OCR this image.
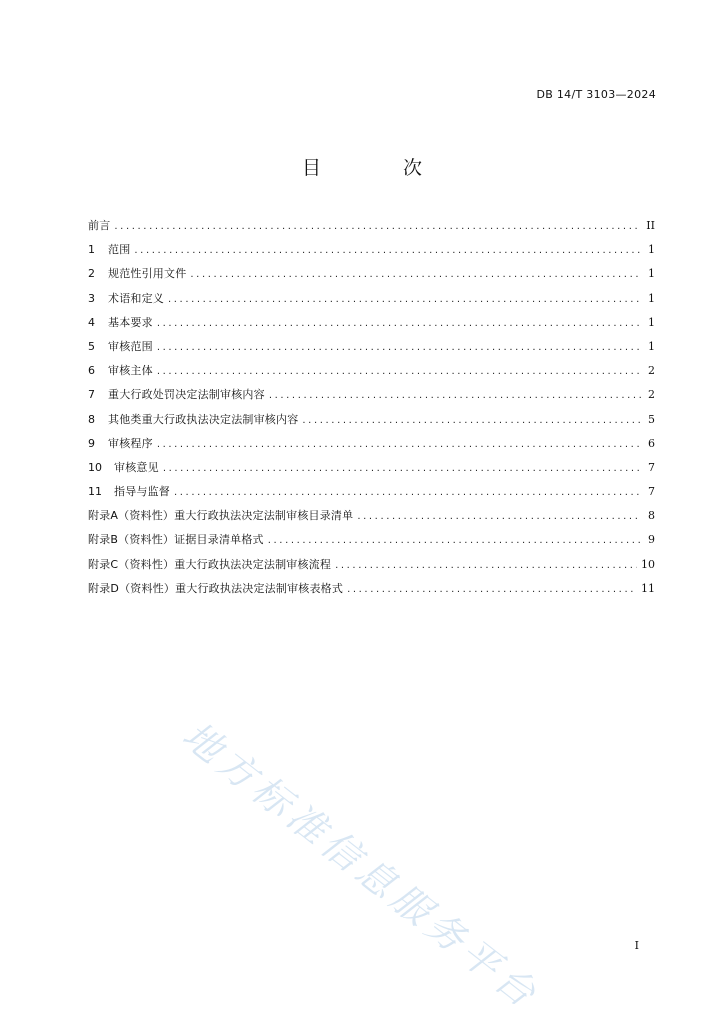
DB 14/T 3103—2024
目 次
前言 .....	II
1	范围 .....	1
2	规范性引用文件 .....	1
3	术语和定义 .....	1
4	基本要求 .....	1
5	审核范围 .....	1
6	审核主体 .....	2
7	重大行政处罚决定法制审核内容 .....	2
8	其他类重大行政执法决定法制审核内容 .....	5
9	审核程序 .....	6
10	审核意见 .....	7
11	指导与监督 .....	7
附录A（资料性）重大行政执法决定法制审核目录清单 .....	8
附录B（资料性）证据目录清单格式 .....	9
附录C（资料性）重大行政执法决定法制审核流程 .....	10
附录D（资料性）重大行政执法决定法制审核表格式 .....	11
地方标准信息服务平台	I
